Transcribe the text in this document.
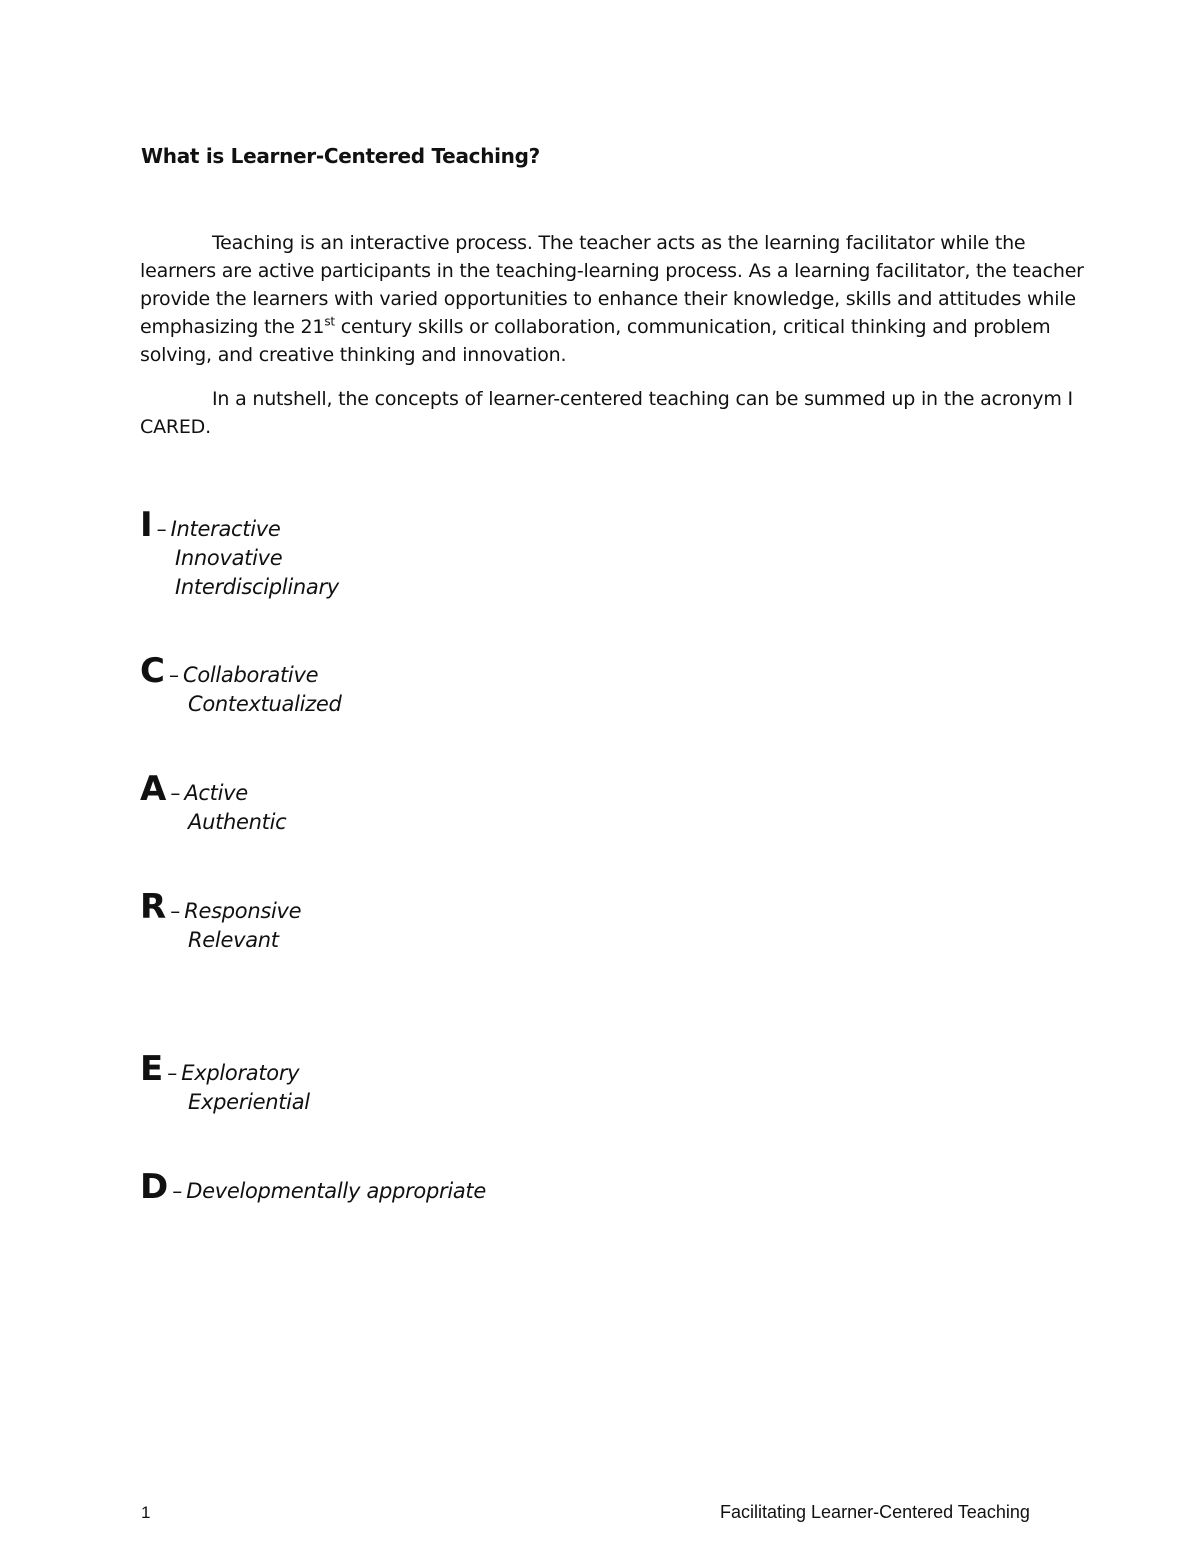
What is Learner-Centered Teaching?
Teaching is an interactive process. The teacher acts as the learning facilitator while the learners are active participants in the teaching-learning process. As a learning facilitator, the teacher provide the learners with varied opportunities to enhance their knowledge, skills and attitudes while emphasizing the 21st century skills or collaboration, communication, critical thinking and problem solving, and creative thinking and innovation.
In a nutshell, the concepts of learner-centered teaching can be summed up in the acronym I CARED.
I – Interactive
Innovative
Interdisciplinary
C – Collaborative
Contextualized
A – Active
Authentic
R – Responsive
Relevant
E – Exploratory
Experiential
D – Developmentally appropriate
1	Facilitating Learner-Centered Teaching
